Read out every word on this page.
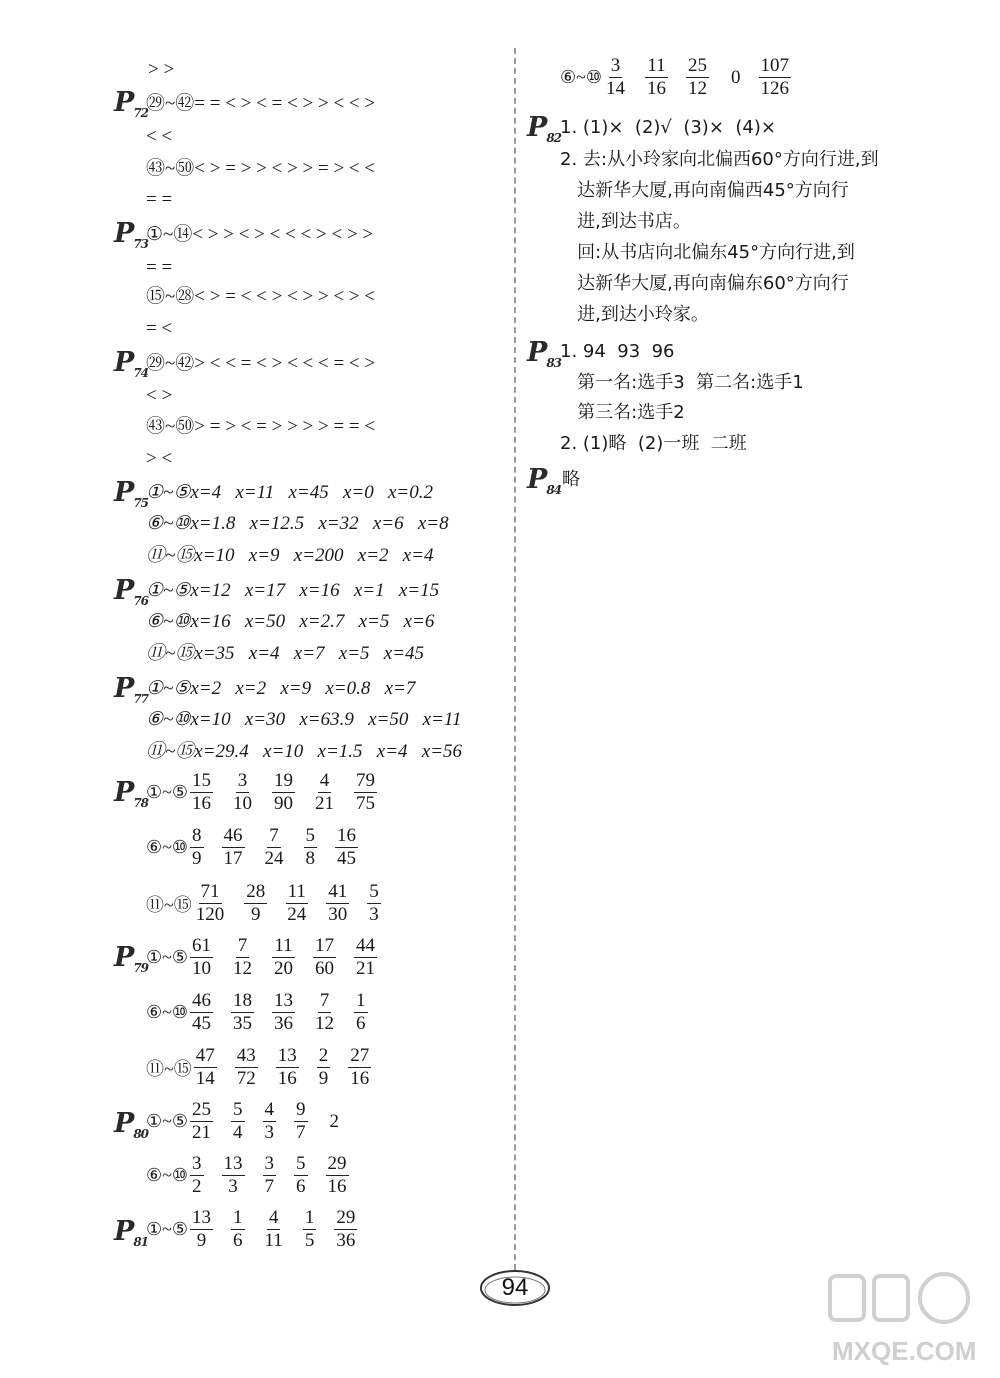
> >
$P_{72}$
㉙~㊷= = < > < = < > > < < >
< <
㊸~㊿< > = > > < > > = > < <
= =
$P_{73}$
①~⑭< > > < > < < < > < > >
= =
⑮~㉘< > = < < > < > > < > <
= <
$P_{74}$
㉙~㊷> < < = < > < < < = < >
< >
㊸~㊿> = > < = > > > > = = <
> <
$P_{75}$
①~⑤x=4   x=11   x=45   x=0   x=0.2
⑥~⑩x=1.8   x=12.5   x=32   x=6   x=8
⑪~⑮x=10   x=9   x=200   x=2   x=4
$P_{76}$
①~⑤x=12   x=17   x=16   x=1   x=15
⑥~⑩x=16   x=50   x=2.7   x=5   x=6
⑪~⑮x=35   x=4   x=7   x=5   x=45
$P_{77}$
①~⑤x=2   x=2   x=9   x=0.8   x=7
⑥~⑩x=10   x=30   x=63.9   x=50   x=11
⑪~⑮x=29.4   x=10   x=1.5   x=4   x=56
$P_{78}$
①~⑤ $\frac{15}{16} \frac{3}{10} \frac{19}{90} \frac{4}{21} \frac{79}{75}$
⑥~⑩ $\frac{8}{9} \frac{46}{17} \frac{7}{24} \frac{5}{8} \frac{16}{45}$
⑪~⑮ $\frac{71}{120} \frac{28}{9} \frac{11}{24} \frac{41}{30} \frac{5}{3}$
$P_{79}$
①~⑤ $\frac{61}{10} \frac{7}{12} \frac{11}{20} \frac{17}{60} \frac{44}{21}$
⑥~⑩ $\frac{46}{45} \frac{18}{35} \frac{13}{36} \frac{7}{12} \frac{1}{6}$
⑪~⑮ $\frac{47}{14} \frac{43}{72} \frac{13}{16} \frac{2}{9} \frac{27}{16}$
$P_{80}$
①~⑤ $\frac{25}{21} \frac{5}{4} \frac{4}{3} \frac{9}{7} 2$
⑥~⑩ $\frac{3}{2} \frac{13}{3} \frac{3}{7} \frac{5}{6} \frac{29}{16}$
$P_{81}$
①~⑤ $\frac{13}{9} \frac{1}{6} \frac{4}{11} \frac{1}{5} \frac{29}{36}$
⑥~⑩ $\frac{3}{14} \frac{11}{16} \frac{25}{12} 0 \frac{107}{126}$
$P_{82}$
1. (1)×  (2)√  (3)×  (4)×
2. 去:从小玲家向北偏西60°方向行进,到
达新华大厦,再向南偏西45°方向行
进,到达书店。
回:从书店向北偏东45°方向行进,到
达新华大厦,再向南偏东60°方向行
进,到达小玲家。
$P_{83}$
1. 94  93  96
第一名:选手3  第二名:选手1
第三名:选手2
2. (1)略  (2)一班  二班
$P_{84}$ 略
94
MXQE.COM
